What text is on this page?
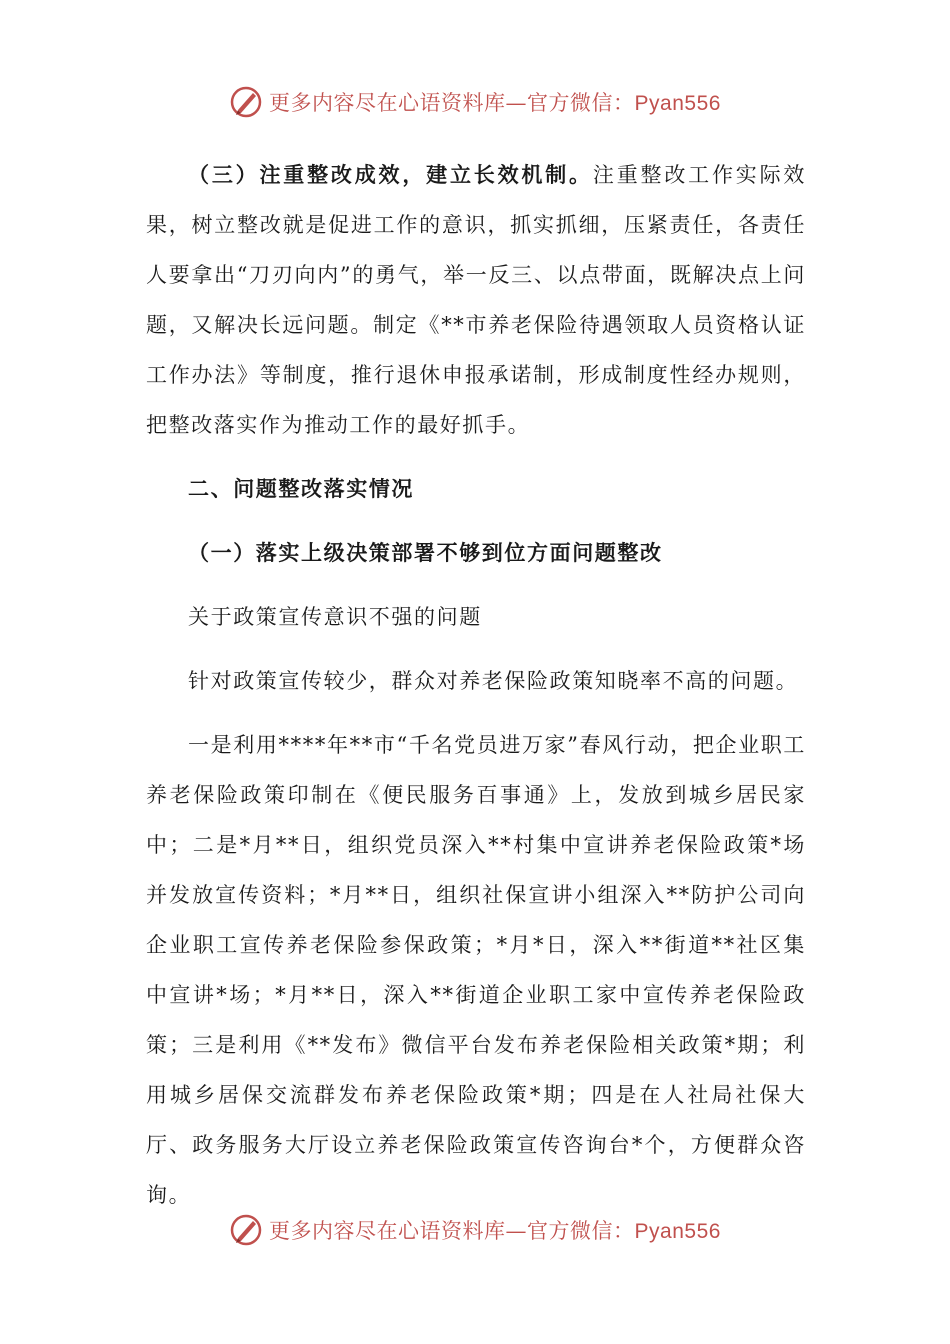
更多内容尽在心语资料库—官方微信：Pyan556

（三）注重整改成效，建立长效机制。注重整改工作实际效果，树立整改就是促进工作的意识，抓实抓细，压紧责任，各责任人要拿出“刀刃向内”的勇气，举一反三、以点带面，既解决点上问题，又解决长远问题。制定《**市养老保险待遇领取人员资格认证工作办法》等制度，推行退休申报承诺制，形成制度性经办规则，把整改落实作为推动工作的最好抓手。

二、问题整改落实情况

（一）落实上级决策部署不够到位方面问题整改

关于政策宣传意识不强的问题

针对政策宣传较少，群众对养老保险政策知晓率不高的问题。

一是利用****年**市“千名党员进万家”春风行动，把企业职工养老保险政策印制在《便民服务百事通》上，发放到城乡居民家中；二是*月**日，组织党员深入**村集中宣讲养老保险政策*场并发放宣传资料；*月**日，组织社保宣讲小组深入**防护公司向企业职工宣传养老保险参保政策；*月*日，深入**街道**社区集中宣讲*场；*月**日，深入**街道企业职工家中宣传养老保险政策；三是利用《**发布》微信平台发布养老保险相关政策*期；利用城乡居保交流群发布养老保险政策*期；四是在人社局社保大厅、政务服务大厅设立养老保险政策宣传咨询台*个，方便群众咨询。

更多内容尽在心语资料库—官方微信：Pyan556
